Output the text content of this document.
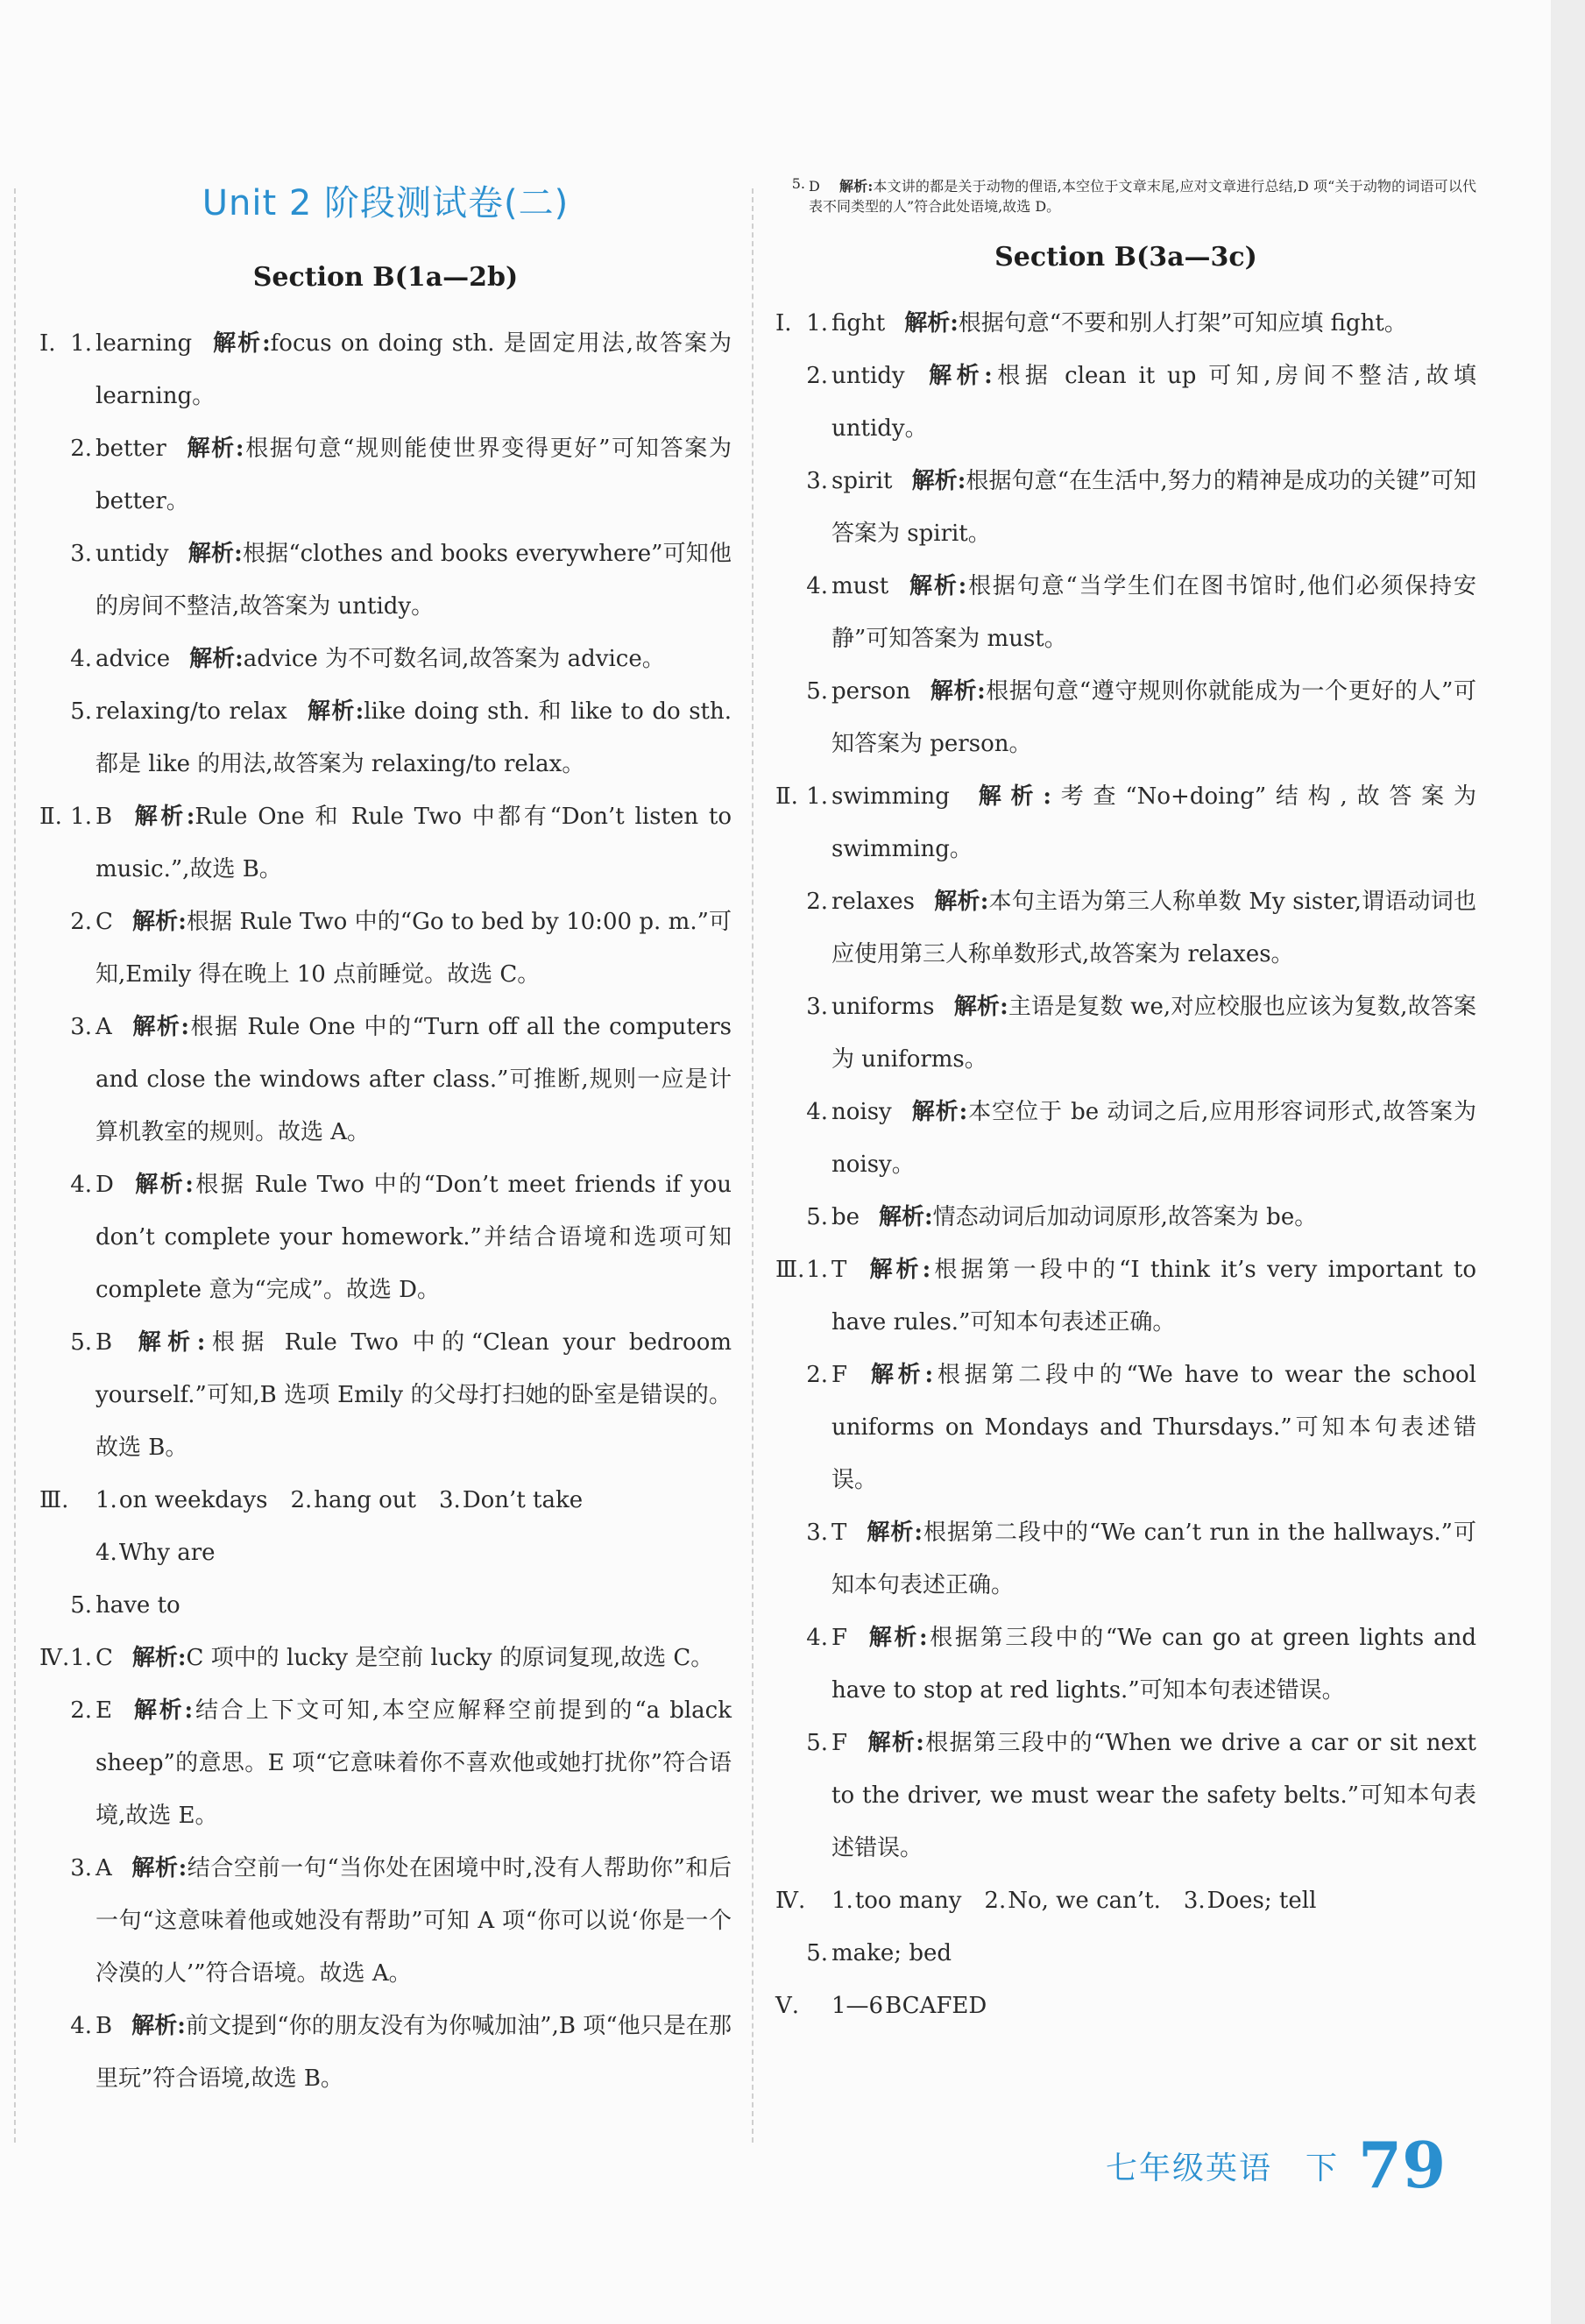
Unit 2 阶段测试卷(二)
Section B(1a—2b)
Ⅰ. 1. learning 解析:focus on doing sth. 是固定用法,故答案为 learning。
2. better 解析:根据句意“规则能使世界变得更好”可知答案为 better。
3. untidy 解析:根据“clothes and books everywhere”可知他的房间不整洁,故答案为 untidy。
4. advice 解析:advice 为不可数名词,故答案为 advice。
5. relaxing/to relax 解析:like doing sth. 和 like to do sth. 都是 like 的用法,故答案为 relaxing/to relax。
Ⅱ. 1. B 解析:Rule One 和 Rule Two 中都有“Don’t listen to music.”,故选 B。
2. C 解析:根据 Rule Two 中的“Go to bed by 10:00 p. m.”可知,Emily 得在晚上 10 点前睡觉。故选 C。
3. A 解析:根据 Rule One 中的“Turn off all the computers and close the windows after class.”可推断,规则一应是计算机教室的规则。故选 A。
4. D 解析:根据 Rule Two 中的“Don’t meet friends if you don’t complete your homework.”并结合语境和选项可知 complete 意为“完成”。故选 D。
5. B 解析:根据 Rule Two 中的“Clean your bedroom yourself.”可知,B 选项 Emily 的父母打扫她的卧室是错误的。故选 B。
Ⅲ. 1.on weekdays 2.hang out 3.Don’t take4.Why are
5. have to
Ⅳ. 1. C 解析:C 项中的 lucky 是空前 lucky 的原词复现,故选 C。
2. E 解析:结合上下文可知,本空应解释空前提到的“a black sheep”的意思。E 项“它意味着你不喜欢他或她打扰你”符合语境,故选 E。
3. A 解析:结合空前一句“当你处在困境中时,没有人帮助你”和后一句“这意味着他或她没有帮助”可知 A 项“你可以说‘你是一个冷漠的人’”符合语境。故选 A。
4. B 解析:前文提到“你的朋友没有为你喊加油”,B 项“他只是在那里玩”符合语境,故选 B。
5. D 解析:本文讲的都是关于动物的俚语,本空位于文章末尾,应对文章进行总结,D 项“关于动物的词语可以代表不同类型的人”符合此处语境,故选 D。
Section B(3a—3c)
Ⅰ. 1. fight 解析:根据句意“不要和别人打架”可知应填 fight。
2. untidy 解析:根据 clean it up 可知,房间不整洁,故填 untidy。
3. spirit 解析:根据句意“在生活中,努力的精神是成功的关键”可知答案为 spirit。
4. must 解析:根据句意“当学生们在图书馆时,他们必须保持安静”可知答案为 must。
5. person 解析:根据句意“遵守规则你就能成为一个更好的人”可知答案为 person。
Ⅱ. 1. swimming 解析:考查“No+doing”结构,故答案为 swimming。
2. relaxes 解析:本句主语为第三人称单数 My sister,谓语动词也应使用第三人称单数形式,故答案为 relaxes。
3. uniforms 解析:主语是复数 we,对应校服也应该为复数,故答案为 uniforms。
4. noisy 解析:本空位于 be 动词之后,应用形容词形式,故答案为 noisy。
5. be 解析:情态动词后加动词原形,故答案为 be。
Ⅲ. 1. T 解析:根据第一段中的“I think it’s very important to have rules.”可知本句表述正确。
2. F 解析:根据第二段中的“We have to wear the school uniforms on Mondays and Thursdays.”可知本句表述错误。
3. T 解析:根据第二段中的“We can’t run in the hallways.”可知本句表述正确。
4. F 解析:根据第三段中的“We can go at green lights and have to stop at red lights.”可知本句表述错误。
5. F 解析:根据第三段中的“When we drive a car or sit next to the driver, we must wear the safety belts.”可知本句表述错误。
Ⅳ. 1.too many 2.No, we can’t. 3.Does; tell
5. make; bed
Ⅴ. 1—6BCAFED
七年级英语　下 79
